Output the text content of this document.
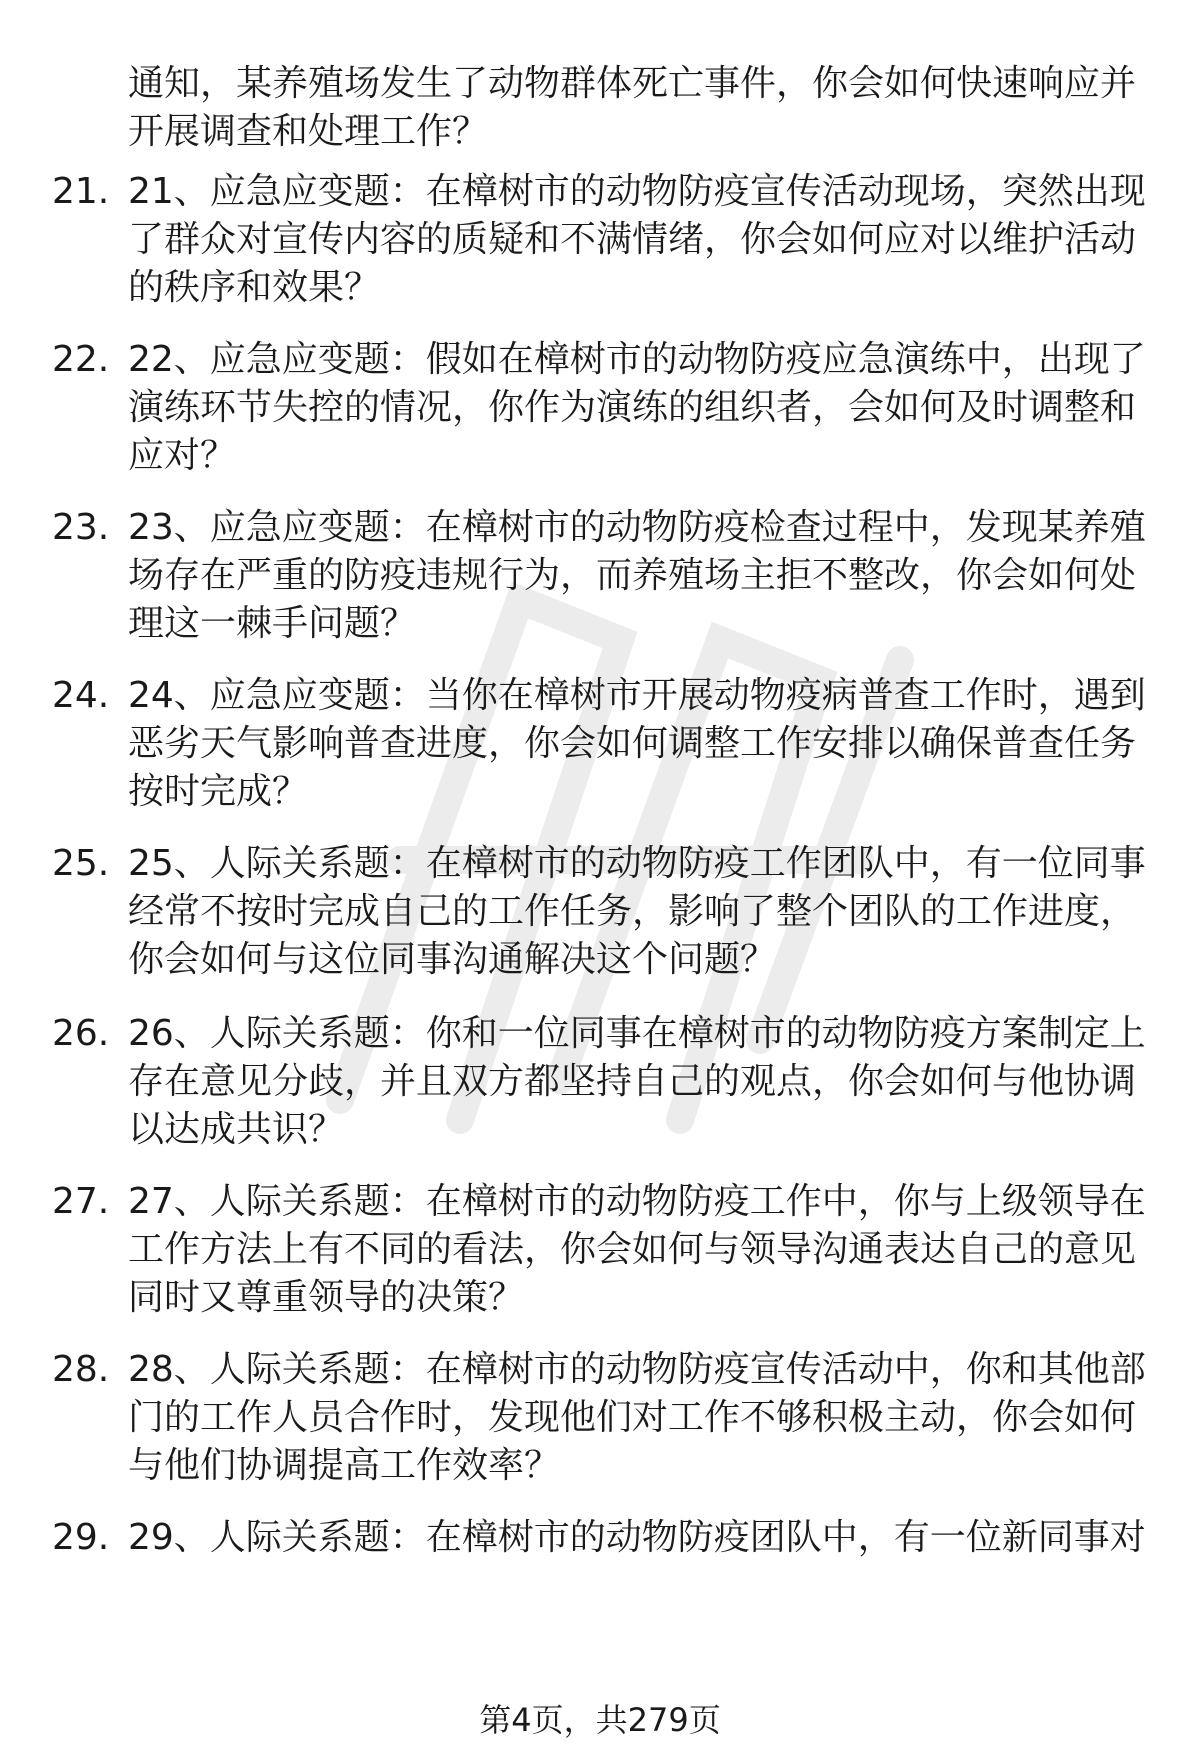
通知，某养殖场发生了动物群体死亡事件，你会如何快速响应并开展调查和处理工作？

21. 21、应急应变题：在樟树市的动物防疫宣传活动现场，突然出现了群众对宣传内容的质疑和不满情绪，你会如何应对以维护活动的秩序和效果？

22. 22、应急应变题：假如在樟树市的动物防疫应急演练中，出现了演练环节失控的情况，你作为演练的组织者，会如何及时调整和应对？

23. 23、应急应变题：在樟树市的动物防疫检查过程中，发现某养殖场存在严重的防疫违规行为，而养殖场主拒不整改，你会如何处理这一棘手问题？

24. 24、应急应变题：当你在樟树市开展动物疫病普查工作时，遇到恶劣天气影响普查进度，你会如何调整工作安排以确保普查任务按时完成？

25. 25、人际关系题：在樟树市的动物防疫工作团队中，有一位同事经常不按时完成自己的工作任务，影响了整个团队的工作进度，你会如何与这位同事沟通解决这个问题？

26. 26、人际关系题：你和一位同事在樟树市的动物防疫方案制定上存在意见分歧，并且双方都坚持自己的观点，你会如何与他协调以达成共识？

27. 27、人际关系题：在樟树市的动物防疫工作中，你与上级领导在工作方法上有不同的看法，你会如何与领导沟通表达自己的意见同时又尊重领导的决策？

28. 28、人际关系题：在樟树市的动物防疫宣传活动中，你和其他部门的工作人员合作时，发现他们对工作不够积极主动，你会如何与他们协调提高工作效率？

29. 29、人际关系题：在樟树市的动物防疫团队中，有一位新同事对

第4页，共279页
